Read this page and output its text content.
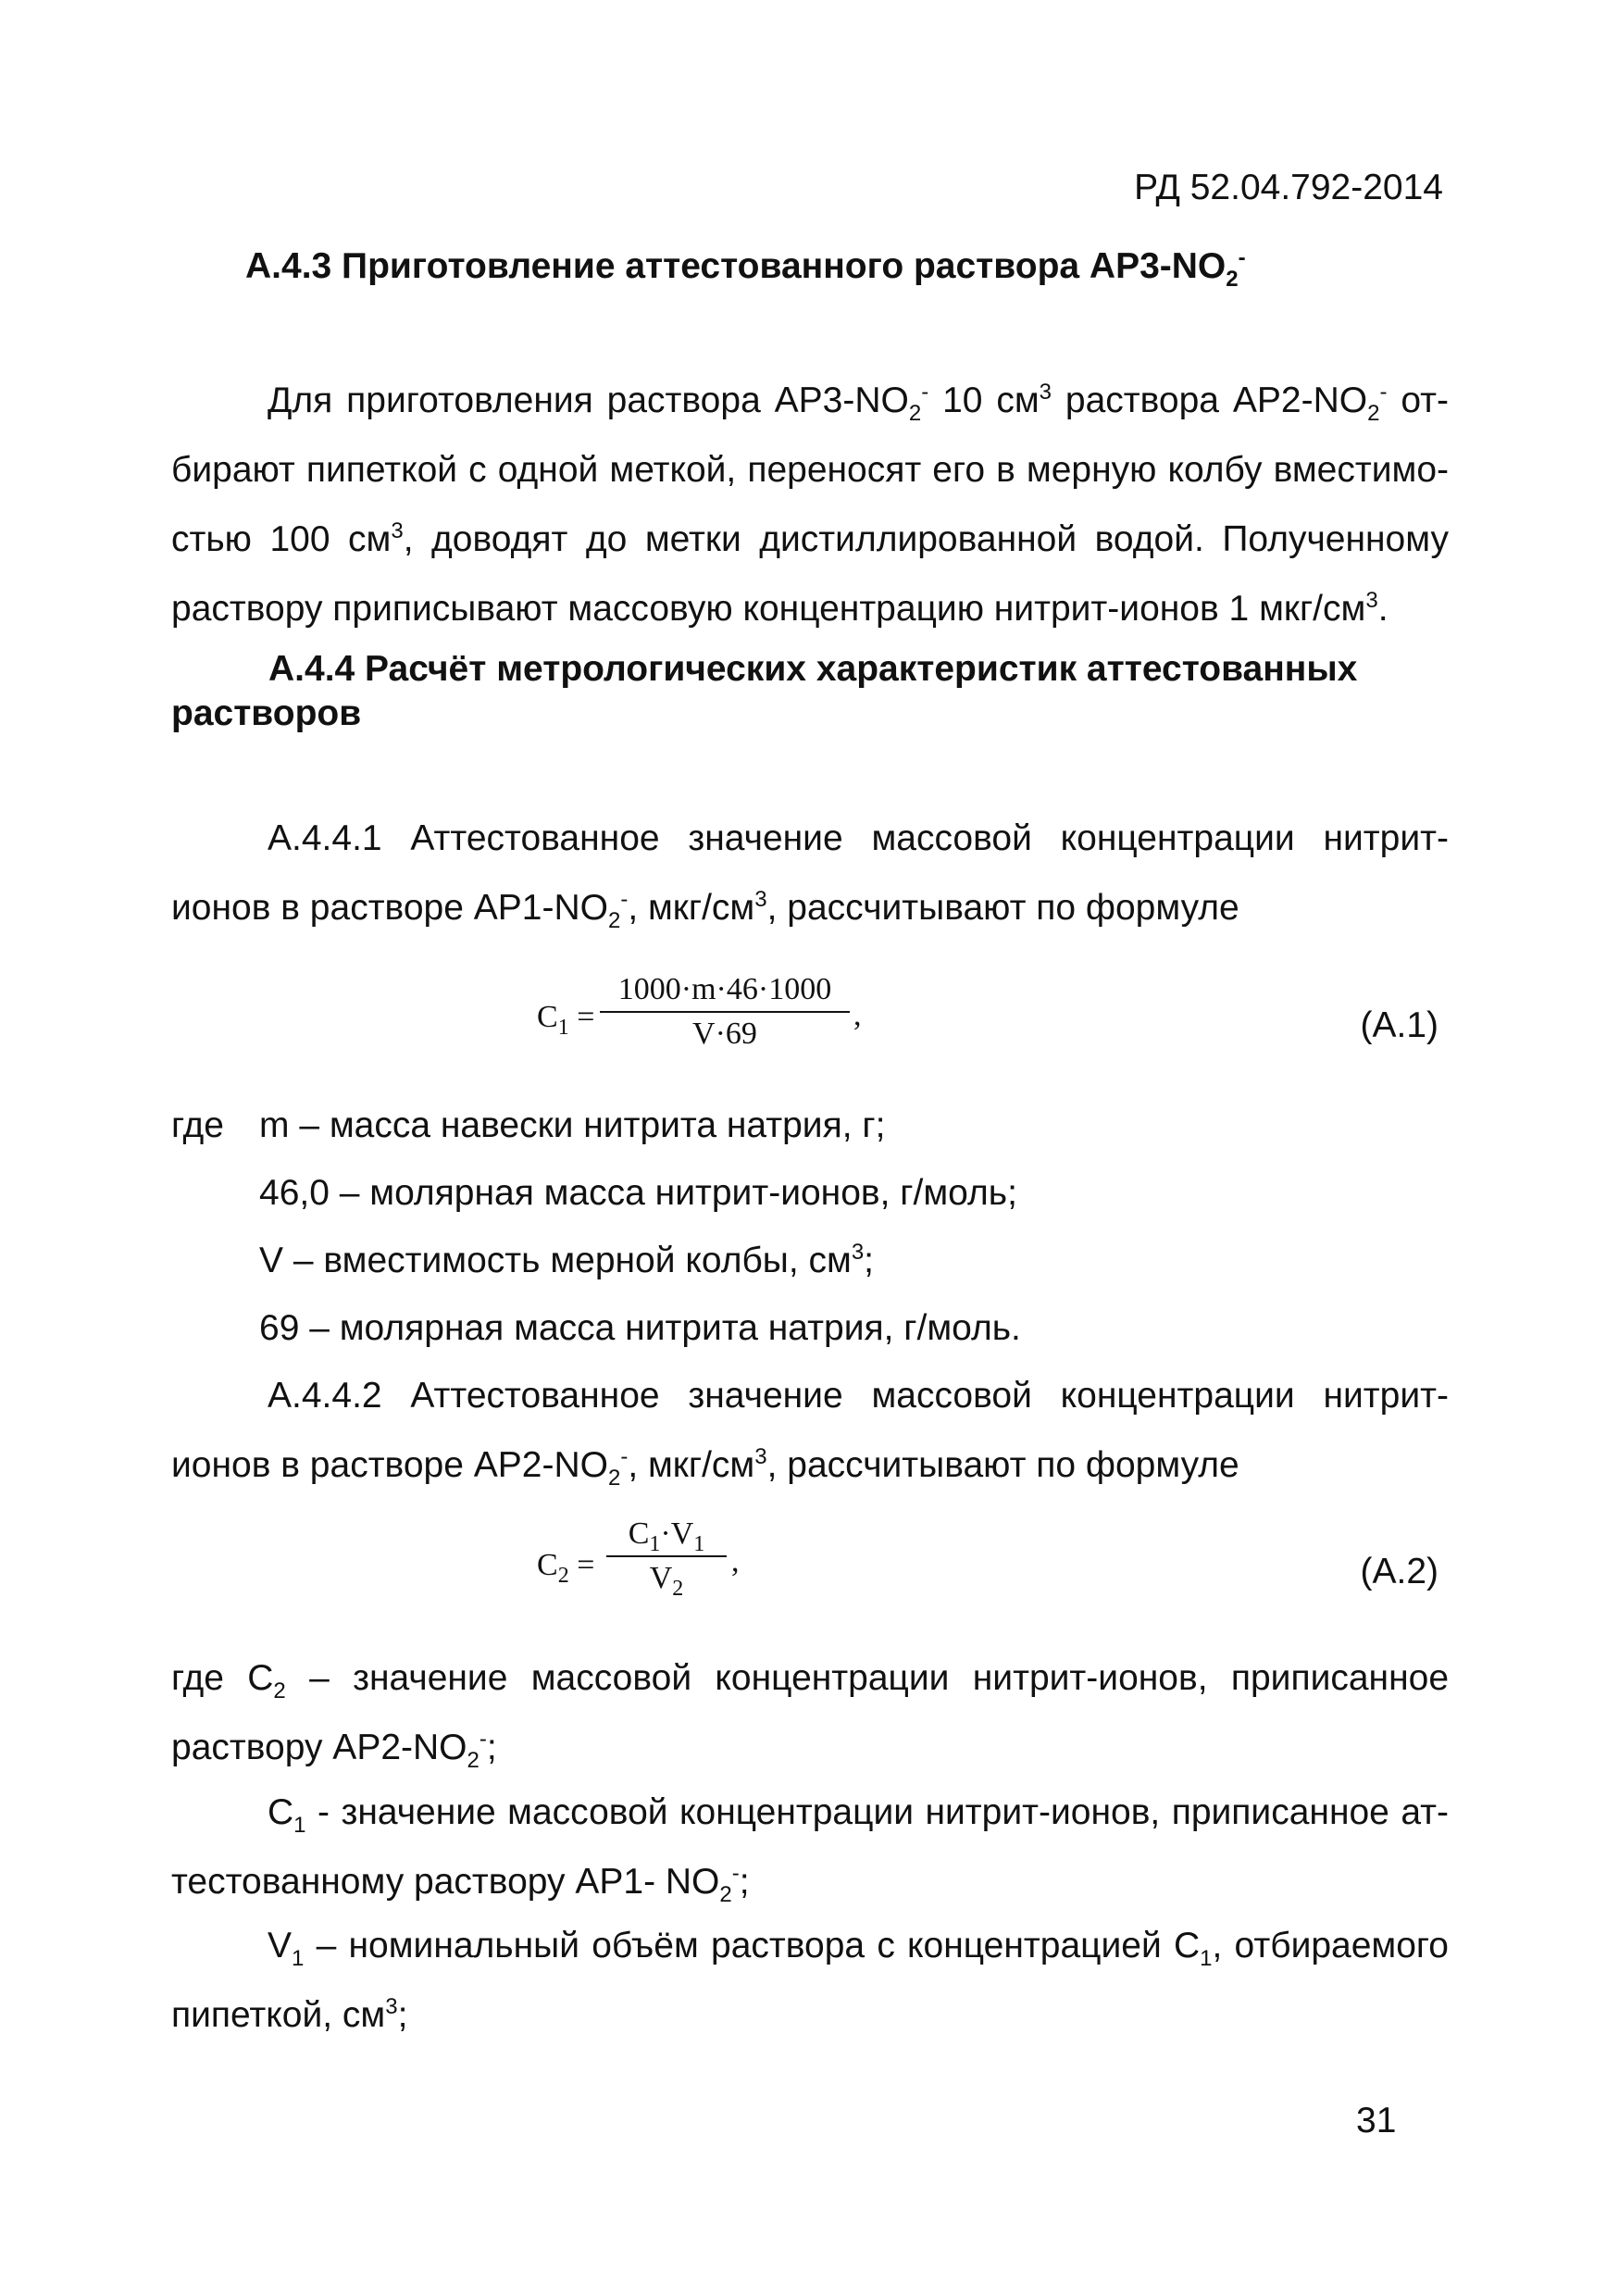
РД 52.04.792-2014
А.4.3 Приготовление аттестованного раствора $АР3-NO_2^-$
Для приготовления раствора $АР3-NO_2^-$ 10 $см^3$ раствора $АР2-NO_2^-$ от-
бирают пипеткой с одной меткой, переносят его в мерную колбу вместимо-
стью 100 $см^3$, доводят до метки дистиллированной водой. Полученному
раствору приписывают массовую концентрацию нитрит-ионов 1 мкг/$см^3$.
А.4.4 Расчёт метрологических характеристик аттестованных
растворов
А.4.4.1 Аттестованное значение массовой концентрации нитрит-
ионов в растворе $АР1-NO_2^-$, мкг/$см^3$, рассчитывают по формуле
$C_1 = \frac{1000\cdot m\cdot 46\cdot 1000}{V\cdot 69}$ ,	(А.1)
где m – масса навески нитрита натрия, г;
46,0 – молярная масса нитрит-ионов, г/моль;
V – вместимость мерной колбы, $см^3$;
69 – молярная масса нитрита натрия, г/моль.
А.4.4.2 Аттестованное значение массовой концентрации нитрит-
ионов в растворе $АР2-NO_2^-$, мкг/$см^3$, рассчитывают по формуле
$C_2 = \frac{C_1\cdot V_1}{V_2}$ ,	(А.2)
где $C_2$ – значение массовой концентрации нитрит-ионов, приписанное
раствору $АР2-NO_2^-$;
$C_1$ - значение массовой концентрации нитрит-ионов, приписанное ат-
тестованному раствору АР1- $NO_2^-$;
$V_1$ – номинальный объём раствора с концентрацией $C_1$, отбираемого
пипеткой, $см^3$;
31
